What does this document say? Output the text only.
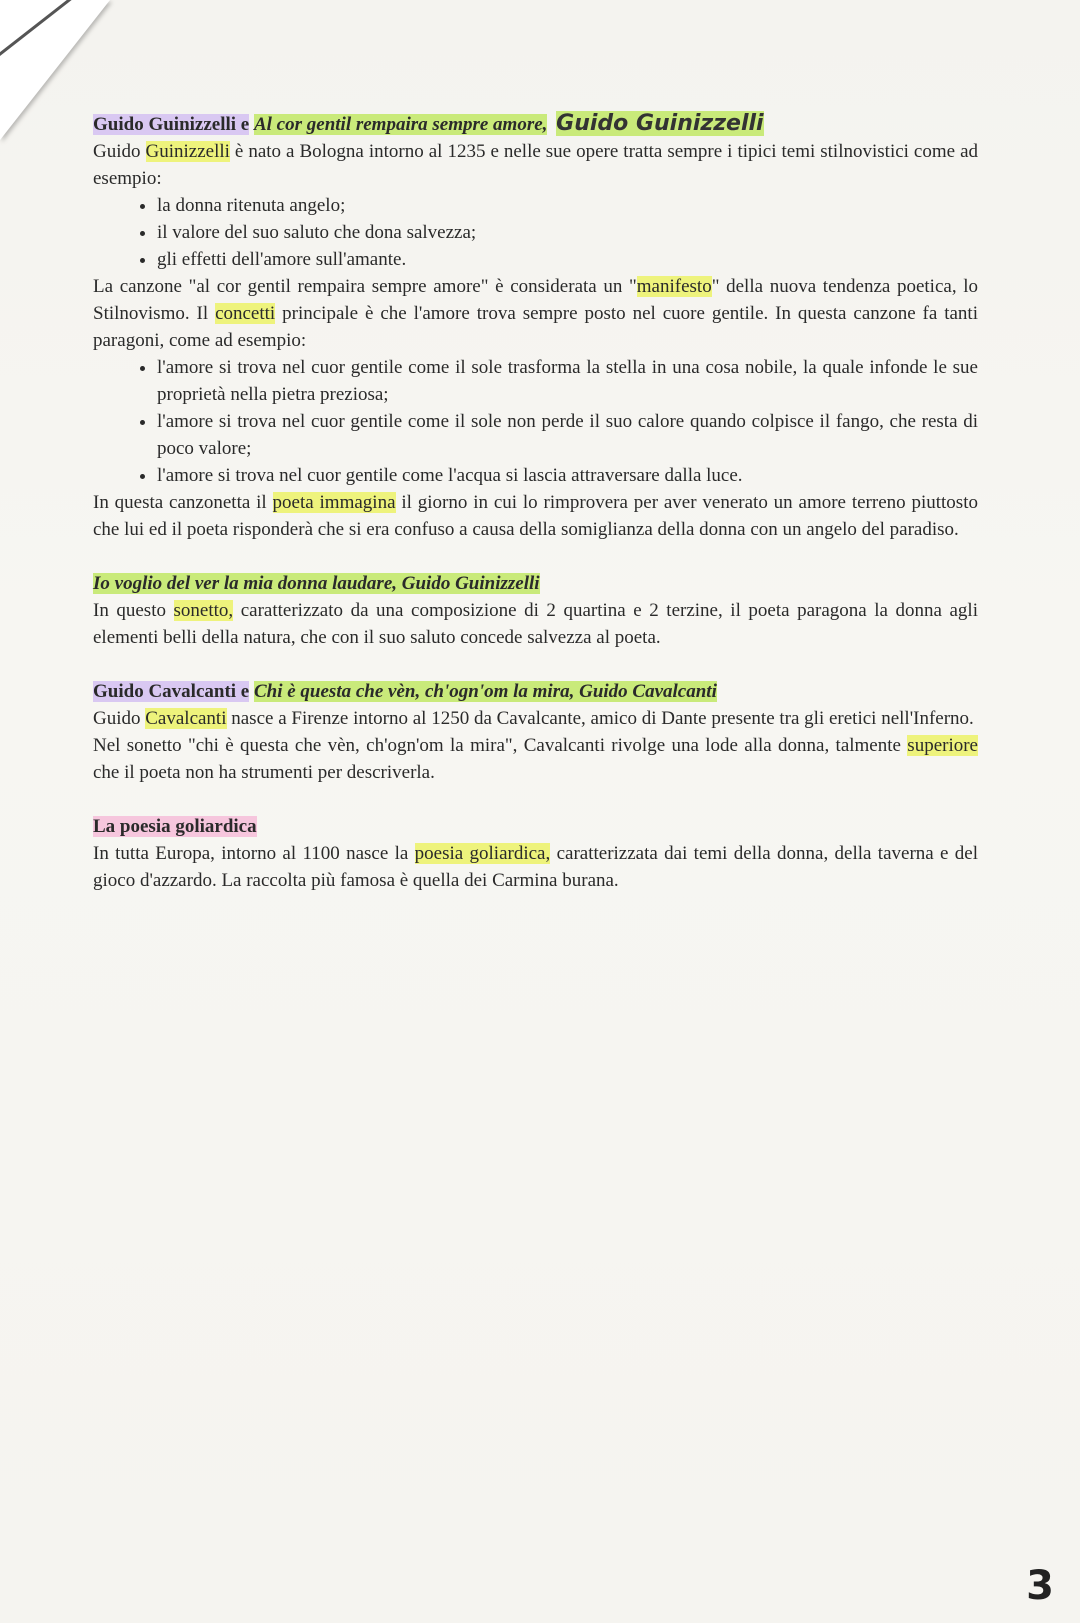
Guido Guinizzelli e Al cor gentil rempaira sempre amore, Guido Guinizzelli

Guido Guinizzelli è nato a Bologna intorno al 1235 e nelle sue opere tratta sempre i tipici temi stilnovistici come ad esempio:

• la donna ritenuta angelo;
• il valore del suo saluto che dona salvezza;
• gli effetti dell'amore sull'amante.

La canzone "al cor gentil rempaira sempre amore" è considerata un "manifesto" della nuova tendenza poetica, lo Stilnovismo. Il concetti principale è che l'amore trova sempre posto nel cuore gentile. In questa canzone fa tanti paragoni, come ad esempio:

• l'amore si trova nel cuor gentile come il sole trasforma la stella in una cosa nobile, la quale infonde le sue proprietà nella pietra preziosa;
• l'amore si trova nel cuor gentile come il sole non perde il suo calore quando colpisce il fango, che resta di poco valore;
• l'amore si trova nel cuor gentile come l'acqua si lascia attraversare dalla luce.

In questa canzonetta il poeta immagina il giorno in cui lo rimprovera per aver venerato un amore terreno piuttosto che lui ed il poeta risponderà che si era confuso a causa della somiglianza della donna con un angelo del paradiso.

Io voglio del ver la mia donna laudare, Guido Guinizzelli

In questo sonetto, caratterizzato da una composizione di 2 quartina e 2 terzine, il poeta paragona la donna agli elementi belli della natura, che con il suo saluto concede salvezza al poeta.

Guido Cavalcanti e Chi è questa che vèn, ch'ogn'om la mira, Guido Cavalcanti

Guido Cavalcanti nasce a Firenze intorno al 1250 da Cavalcante, amico di Dante presente tra gli eretici nell'Inferno.

Nel sonetto "chi è questa che vèn, ch'ogn'om la mira", Cavalcanti rivolge una lode alla donna, talmente superiore che il poeta non ha strumenti per descriverla.

La poesia goliardica

In tutta Europa, intorno al 1100 nasce la poesia goliardica, caratterizzata dai temi della donna, della taverna e del gioco d'azzardo. La raccolta più famosa è quella dei Carmina burana.

3
